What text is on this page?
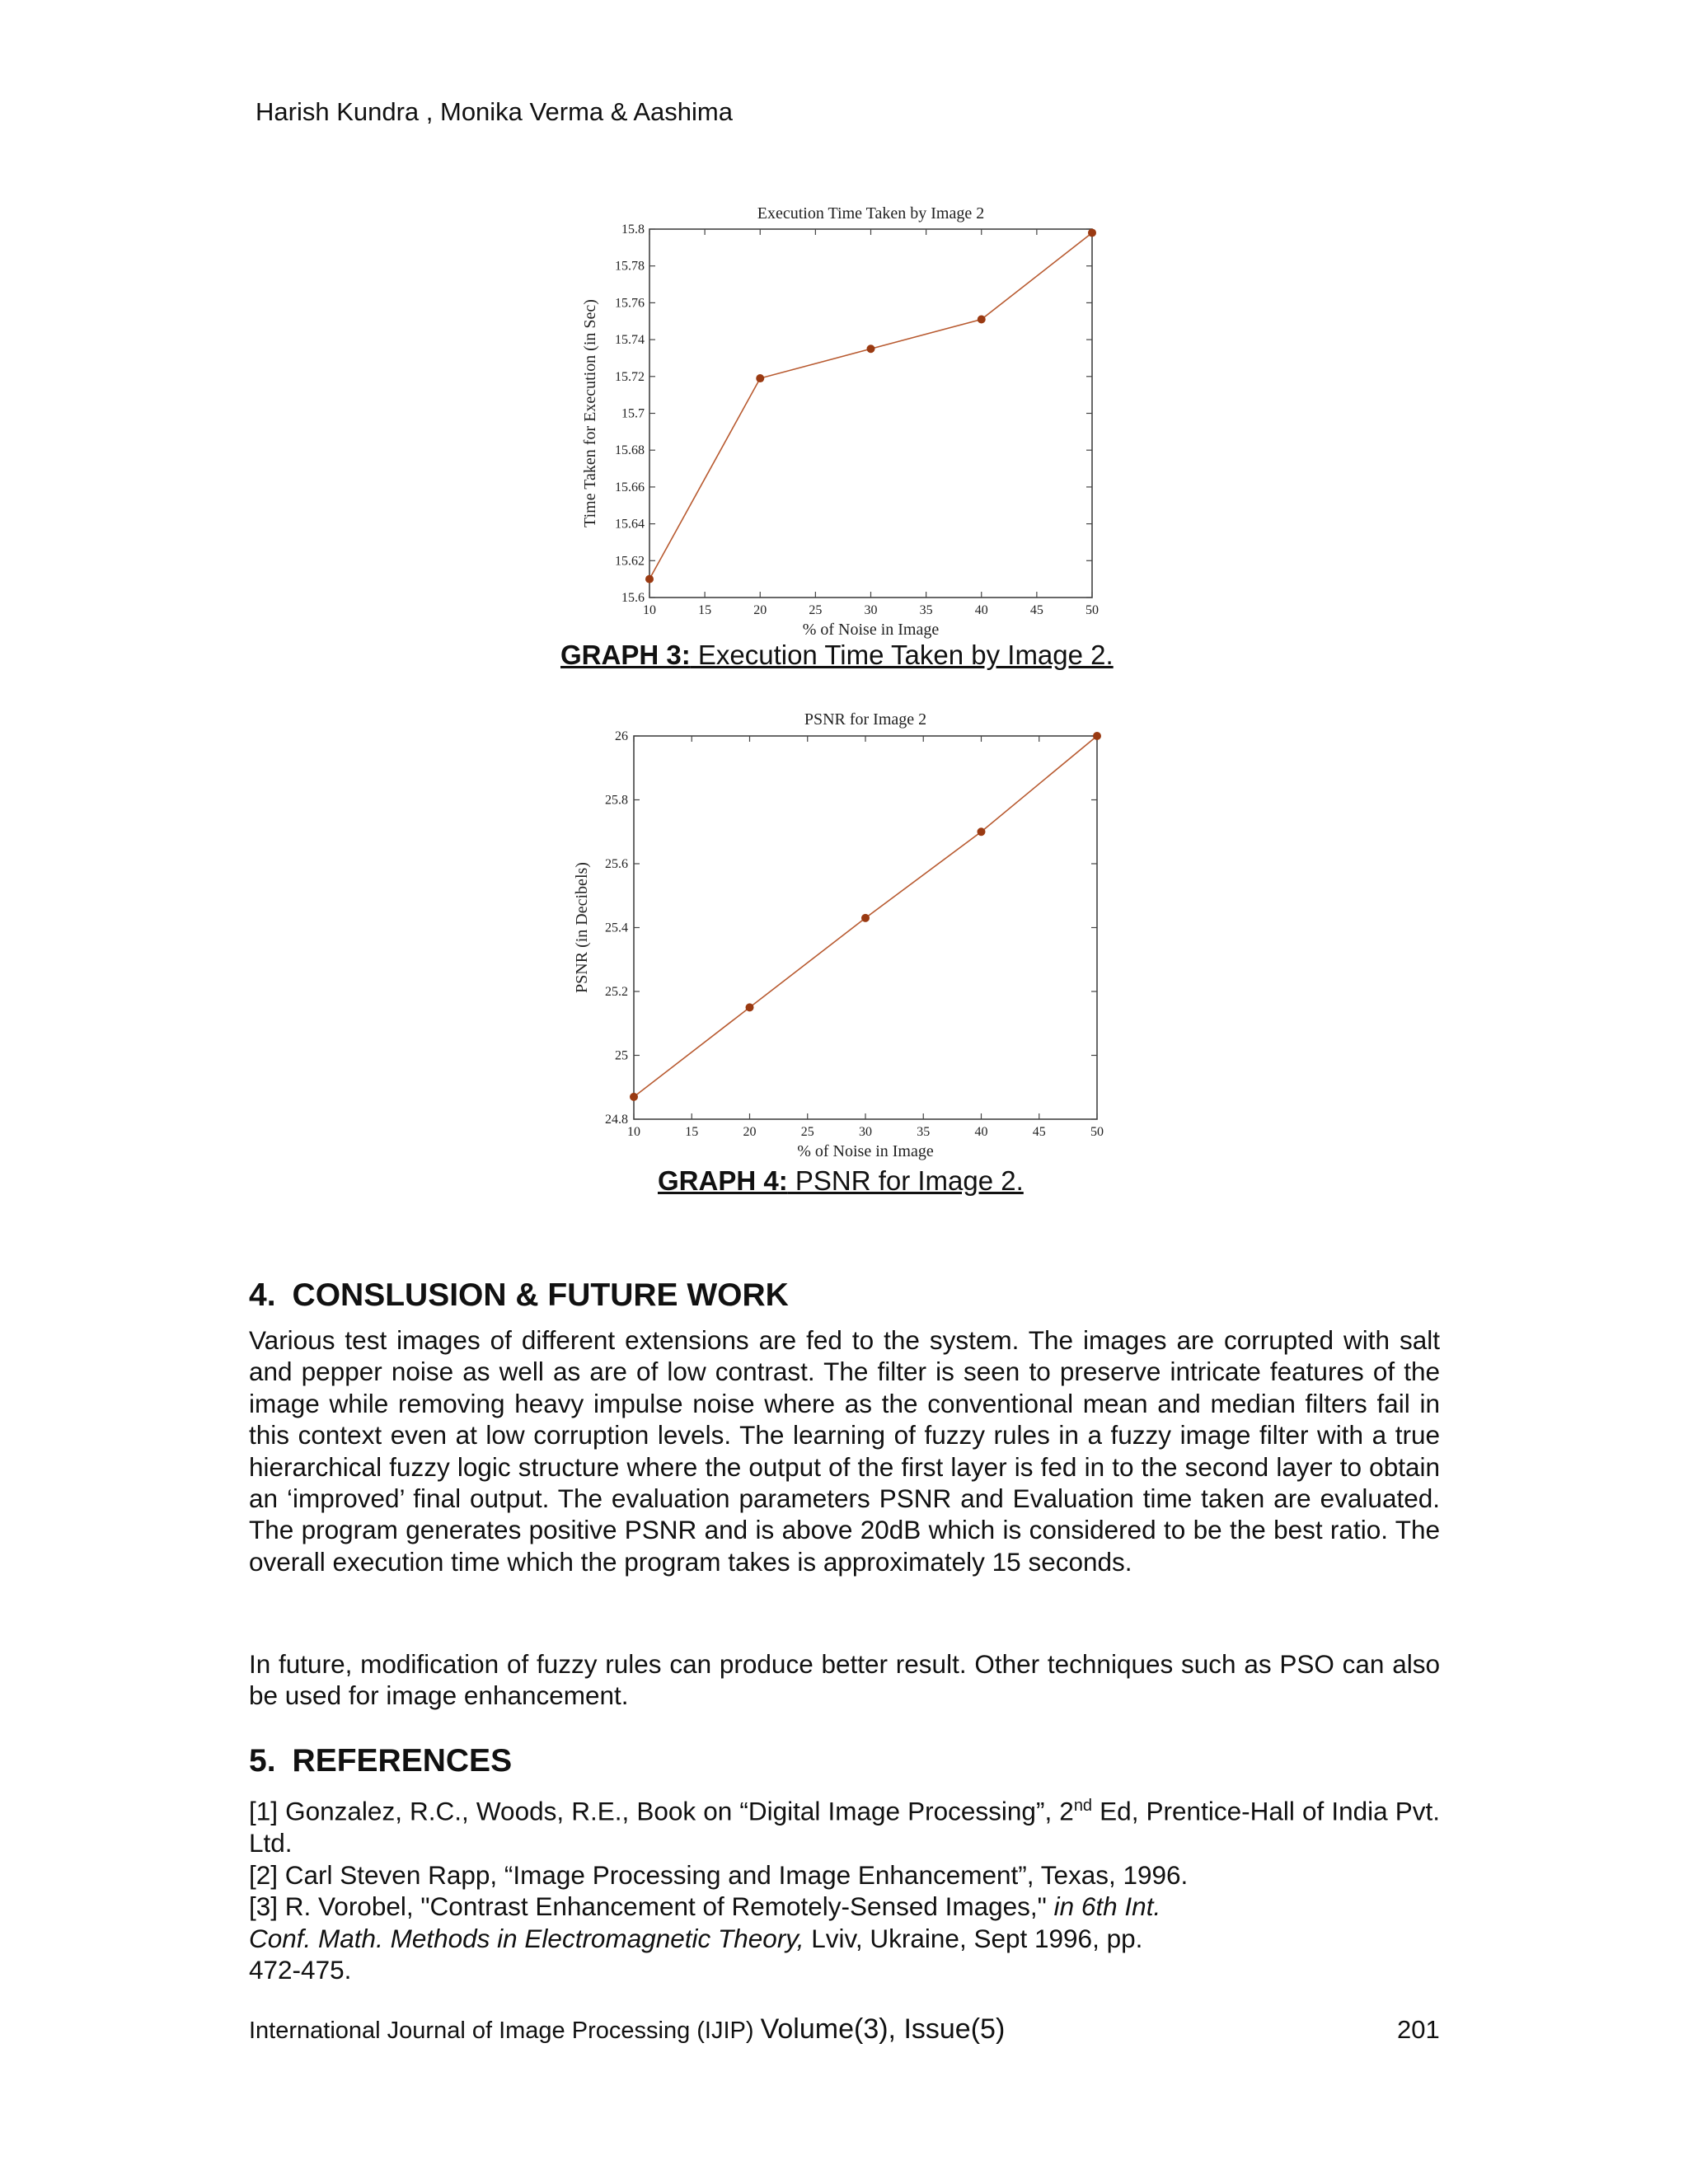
Harish Kundra , Monika Verma & Aashima
Execution Time Taken by Image 2
% of Noise in Image
Time Taken for Execution (in Sec)
10	15	20	25	30	35	40	45	50
15.6
15.62
15.64
15.66
15.68
15.7
15.72
15.74
15.76
15.78
15.8
GRAPH 3: Execution Time Taken by Image 2.
PSNR for Image 2
% of Noise in Image
PSNR (in Decibels)
10	15	20	25	30	35	40	45	50
24.8
25
25.2
25.4
25.6
25.8
26
GRAPH 4: PSNR for Image 2.
4. CONSLUSION & FUTURE WORK

Various test images of different extensions are fed to the system. The images are corrupted with salt and pepper noise as well as are of low contrast. The filter is seen to preserve intricate features of the image while removing heavy impulse noise where as the conventional mean and median filters fail in this context even at low corruption levels. The learning of fuzzy rules in a fuzzy image filter with a true hierarchical fuzzy logic structure where the output of the first layer is fed in to the second layer to obtain an ‘improved’ final output. The evaluation parameters PSNR and Evaluation time taken are evaluated. The program generates positive PSNR and is above 20dB which is considered to be the best ratio. The overall execution time which the program takes is approximately 15 seconds.

In future, modification of fuzzy rules can produce better result. Other techniques such as PSO can also be used for image enhancement.

5. REFERENCES
[1] Gonzalez, R.C., Woods, R.E., Book on “Digital Image Processing”, 2nd Ed, Prentice-Hall of India Pvt. Ltd.
[2] Carl Steven Rapp, “Image Processing and Image Enhancement”, Texas, 1996.
[3] R. Vorobel, "Contrast Enhancement of Remotely-Sensed Images," in 6th Int.
Conf. Math. Methods in Electromagnetic Theory, Lviv, Ukraine, Sept 1996, pp.
472-475.
International Journal of Image Processing (IJIP) Volume(3), Issue(5)	201
